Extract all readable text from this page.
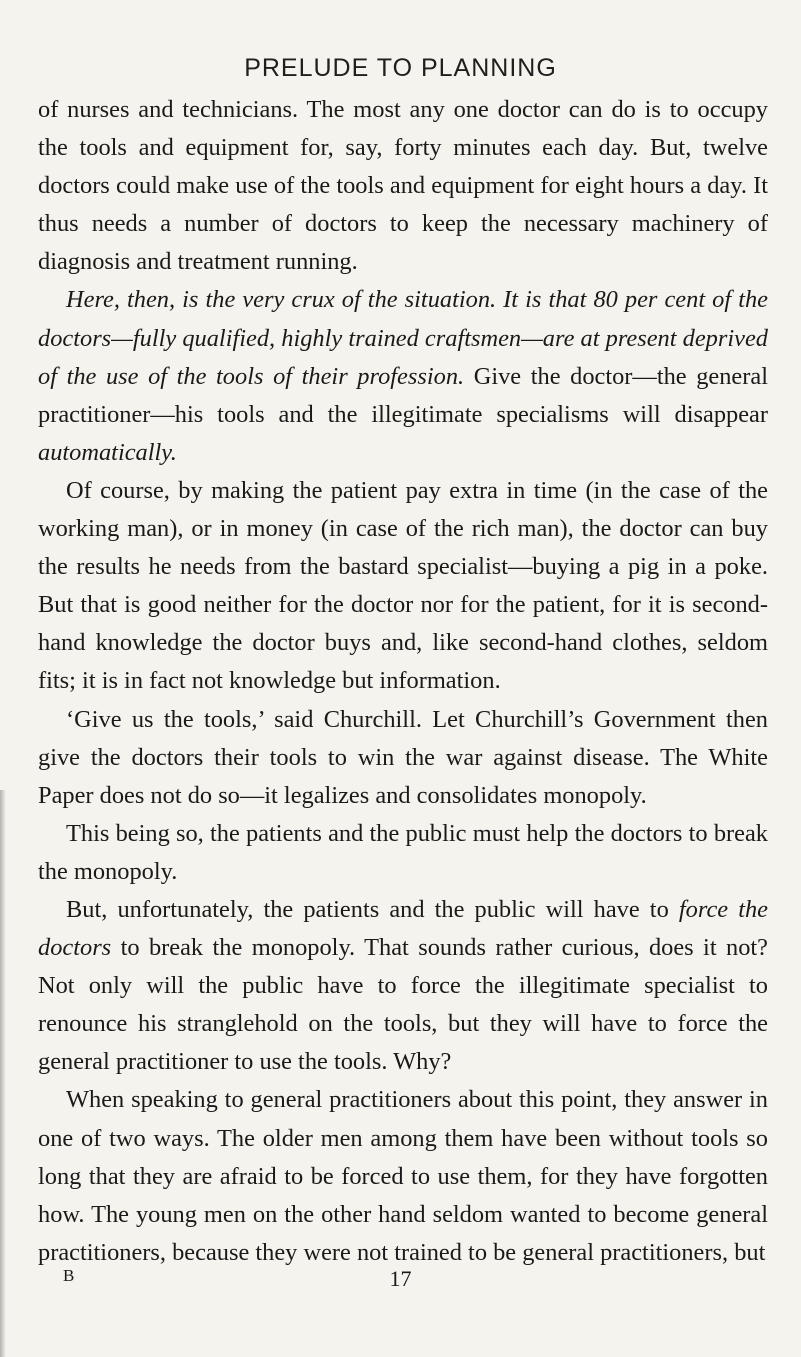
PRELUDE TO PLANNING

of nurses and technicians. The most any one doctor can do is to occupy the tools and equipment for, say, forty minutes each day. But, twelve doctors could make use of the tools and equipment for eight hours a day. It thus needs a number of doctors to keep the necessary machinery of diagnosis and treatment running.

Here, then, is the very crux of the situation. It is that 80 per cent of the doctors—fully qualified, highly trained craftsmen—are at present deprived of the use of the tools of their profession. Give the doctor—the general practitioner—his tools and the illegitimate specialisms will disappear automatically.

Of course, by making the patient pay extra in time (in the case of the working man), or in money (in case of the rich man), the doctor can buy the results he needs from the bastard specialist—buying a pig in a poke. But that is good neither for the doctor nor for the patient, for it is second-hand knowledge the doctor buys and, like second-hand clothes, seldom fits; it is in fact not knowledge but information.

‘Give us the tools,’ said Churchill. Let Churchill’s Government then give the doctors their tools to win the war against disease. The White Paper does not do so—it legalizes and consolidates monopoly.

This being so, the patients and the public must help the doctors to break the monopoly.

But, unfortunately, the patients and the public will have to force the doctors to break the monopoly. That sounds rather curious, does it not? Not only will the public have to force the illegitimate specialist to renounce his stranglehold on the tools, but they will have to force the general practitioner to use the tools. Why?

When speaking to general practitioners about this point, they answer in one of two ways. The older men among them have been without tools so long that they are afraid to be forced to use them, for they have forgotten how. The young men on the other hand seldom wanted to become general practitioners, because they were not trained to be general practitioners, but

B	17
